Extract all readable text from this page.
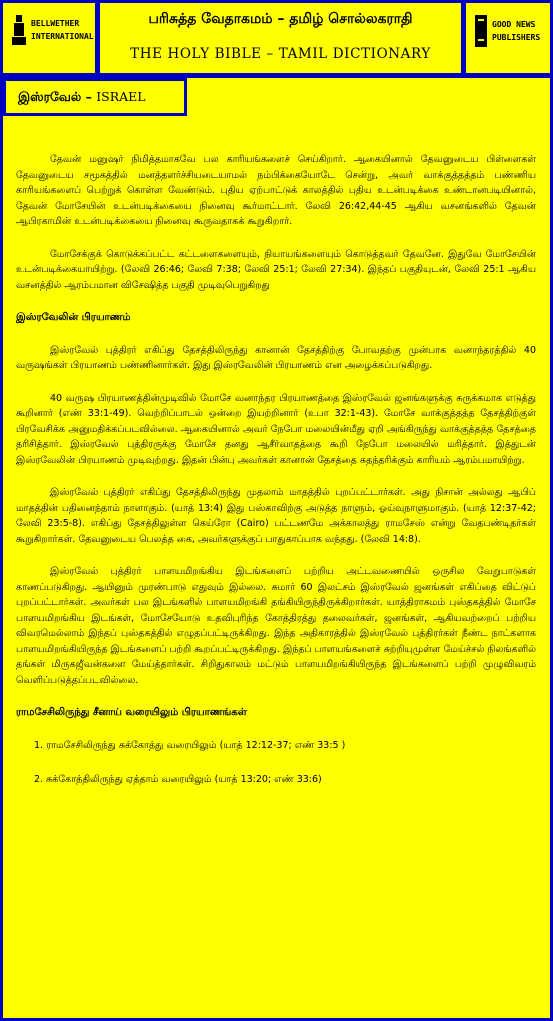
BELLWETHER
INTERNATIONAL
பரிசுத்த வேதாகமம் – தமிழ் சொல்லகராதி
THE HOLY BIBLE – TAMIL DICTIONARY
GOOD NEWS
PUBLISHERS
இஸ்ரவேல் – ISRAEL

தேவன் மனுஷர் நிமித்தமாகவே பல காரியங்களைச் செய்கிறார். ஆகையினால் தேவனுடைய பிள்ளைகள் தேவனுடைய சமூகத்தில் மனத்தளர்ச்சியடையாமல் நம்பிக்கையோடே சென்று, அவர் வாக்குத்தத்தம் பண்ணிய காரியங்களைப் பெற்றுக் கொள்ள வேண்டும். புதிய ஏற்பாட்டுக் காலத்தில் புதிய உடன்படிக்கை உண்டானபடியினால், தேவன் மோசேயின் உடன்படிக்கையை நினைவு கூர்மாட்டார். லேவி 26:42,44-45 ஆகிய வசனங்களில் தேவன் ஆபிரகாமின் உடன்படிக்கையை நினைவு கூருவதாகக் கூறுகிறார்.

மோசேக்குக் கொடுக்கப்பட்ட கட்டளைகளையும், நியாயங்களையும் கொடுத்தவர் தேவனே. இதுவே மோசேயின் உடன்படிக்கையாயிற்று. (லேவி 26:46; லேவி 7:38; லேவி 25:1; லேவி 27:34). இந்தப் பகுதியுடன், லேவி 25:1 ஆகிய வசனத்தில் ஆரம்பமான விசேஷித்த பகுதி முடிவுபெறுகிறது

இஸ்ரவேலின் பிரயாணம்

இஸ்ரவேல் புத்திரர் எகிப்து தேசத்திலிருந்து கானான் தேசத்திற்கு போவதற்கு முன்பாக வனாந்தரத்தில் 40 வருஷங்கள் பிரயாணம் பண்ணினார்கள். இது இஸ்ரவேலின் பிரயாணம் என அழைக்கப்படுகிறது.

40 வருஷ பிரயாணத்தின்முடிவில் மோசே வனாந்தர பிரயாணத்தை இஸ்ரவேல் ஜனங்களுக்கு சுருக்கமாக எடுத்து கூறினார் (எண் 33:1-49). வெற்றிப்பாடல் ஒன்றை இயற்றினார் (உபா 32:1-43). மோசே வாக்குத்தத்த தேசத்திற்குள் பிரவேசிக்க அனுமதிக்கப்படவில்லை. ஆகையினால் அவர் நேபோ மலையின்மீது ஏறி அங்கிருந்து வாக்குத்தத்த தேசத்தை தரிசித்தார். இஸ்ரவேல் புத்திரருக்கு மோசே தனது ஆசீர்வாதத்தை கூறி நேபோ மலையில் மரித்தார். இத்துடன் இஸ்ரவேலின் பிரயாணம் முடிவுற்றது. இதன் பின்பு அவர்கள் கானான் தேசத்தை சுதந்தரிக்கும் காரியம் ஆரம்பமாயிற்று.

இஸ்ரவேல் புத்திரர் எகிப்து தேசத்திலிருந்து முதலாம் மாதத்தில் புறப்பட்டார்கள். அது நிசான் அல்லது ஆபிப் மாதத்தின் பதினைந்தாம் நாளாகும். (யாத் 13:4) இது பஸ்காவிற்கு அடுத்த நாளும், ஓய்வுநாளுமாகும். (யாத் 12:37-42; லேவி 23:5-8). எகிப்து தேசத்திலுள்ள கெய்ரோ (Cairo) பட்டணமே அக்காலத்து ராமசேஸ் என்று வேதபண்டிதர்கள் கூறுகிறார்கள். தேவனுடைய பெலத்த கை, அவர்களுக்குப் பாதுகாப்பாக வந்தது. (லேவி 14:8).

இஸ்ரவேல் புத்திரர் பாளயமிறங்கிய இடங்களைப் பற்றிய அட்டவணையில் ஒருசில வேறுபாடுகள் காணப்படுகிறது. ஆயினும் முரண்பாடு எதுவும் இல்லை. சுமார் 60 இலட்சம் இஸ்ரவேல் ஜனங்கள் எகிப்தை விட்டுப் புறப்பட்டார்கள். அவர்கள் பல இடங்களில் பாளயமிறங்கி தங்கியிருந்திருக்கிறார்கள். யாத்திராகமம் புஸ்தகத்தில் மோசே பாளயமிறங்கிய இடங்கள், மோசேயோடு உதவிபுரிந்த கோத்திரத்து தலைவர்கள், ஜனங்கள், ஆகியவற்றைப் பற்றிய விவரமெல்லாம் இந்தப் புஸ்தகத்தில் எழுதப்பட்டிருக்கிறது. இந்த அதிகாரத்தில் இஸ்ரவேல் புத்திரர்கள் நீண்ட நாட்களாக பாளயமிறங்கியிருந்த இடங்களைப் பற்றி கூறப்பட்டிருக்கிறது. இந்தப் பாளயங்களைச் சுற்றியுமுள்ள மேய்ச்சல் நிலங்களில் தங்கள் மிருகஜீவன்களை மேய்த்தார்கள். சிறிதுகாலம் மட்டும் பாளயமிறங்கியிருந்த இடங்களைப் பற்றி முழுவிவரம் வெளிப்படுத்தப்படவில்லை.

ராமசேசிலிருந்து சீனாய் வரையிலும் பிரயாணங்கள்
1. ராமசேசிலிருந்து சுக்கோத்து வரையிலும் (யாத் 12:12-37; எண் 33:5 )
2. சுக்கோத்திலிருந்து ஏத்தாம் வரையிலும் (யாத் 13:20; எண் 33:6)
